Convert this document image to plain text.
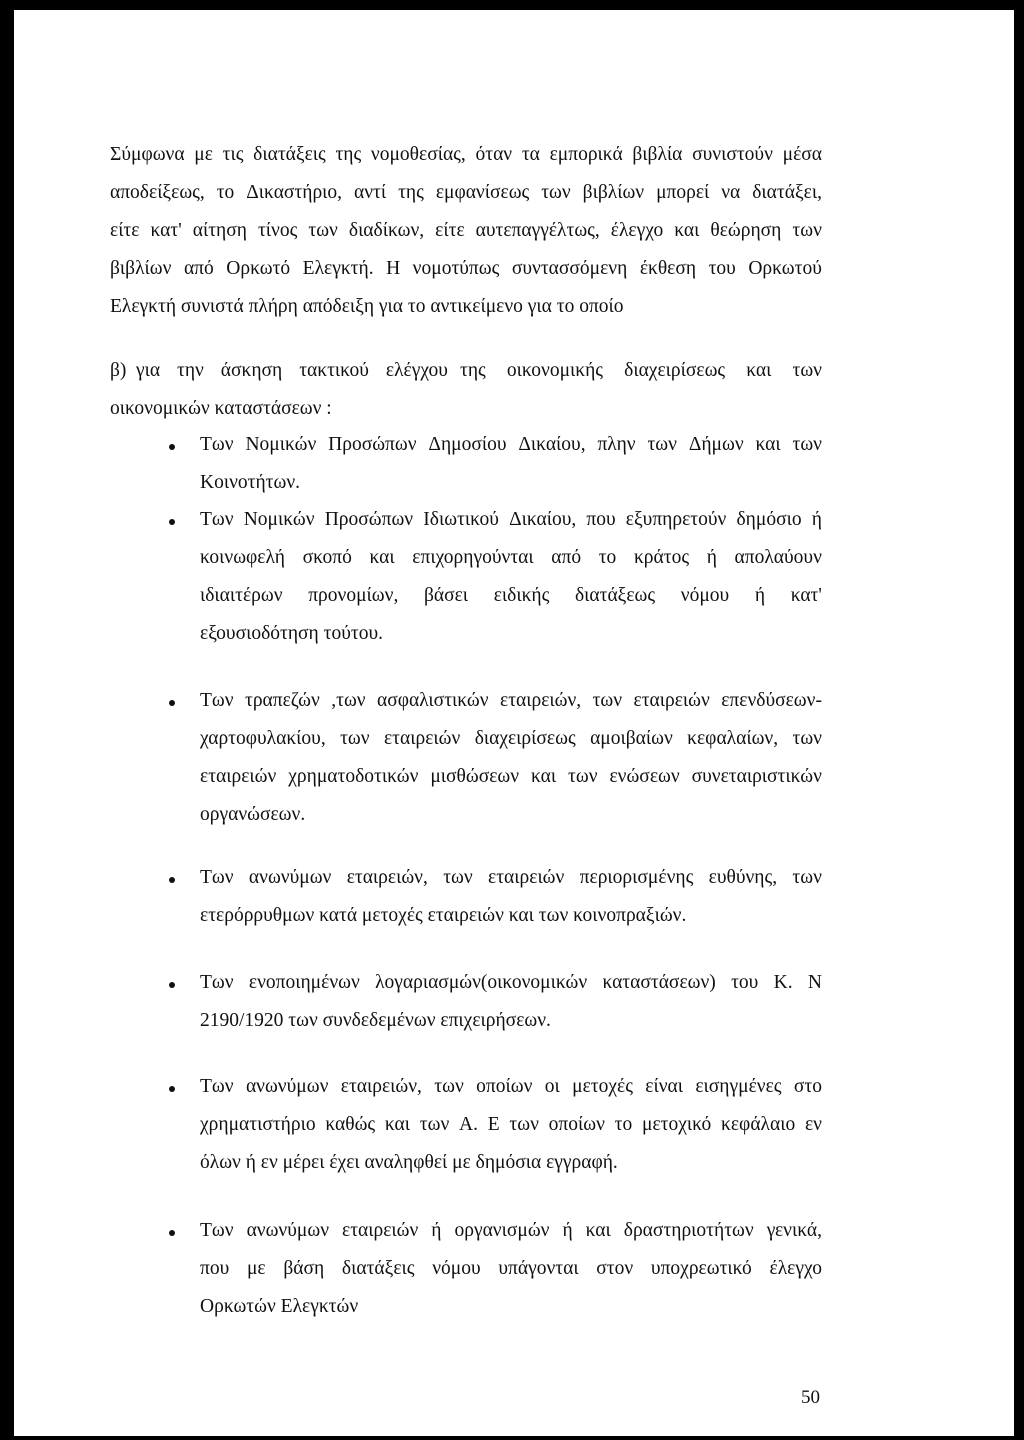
Σύμφωνα με τις διατάξεις της νομοθεσίας, όταν τα εμπορικά βιβλία συνιστούν μέσα
αποδείξεως, το Δικαστήριο, αντί της εμφανίσεως των βιβλίων μπορεί να διατάξει,
είτε κατ' αίτηση τίνος των διαδίκων, είτε αυτεπαγγέλτως, έλεγχο και θεώρηση των
βιβλίων από Ορκωτό Ελεγκτή. Η νομοτύπως συντασσόμενη έκθεση του Ορκωτού
Ελεγκτή συνιστά πλήρη απόδειξη για το αντικείμενο για το οποίο
β) για την άσκηση τακτικού ελέγχου της οικονομικής διαχειρίσεως και των
οικονομικών καταστάσεων :
Των Νομικών Προσώπων Δημοσίου Δικαίου, πλην των Δήμων και των
Κοινοτήτων.
Των Νομικών Προσώπων Ιδιωτικού Δικαίου, που εξυπηρετούν δημόσιο ή
κοινωφελή σκοπό και επιχορηγούνται από το κράτος ή απολαύουν
ιδιαιτέρων προνομίων, βάσει ειδικής διατάξεως νόμου ή κατ'
εξουσιοδότηση τούτου.
Των τραπεζών ,των ασφαλιστικών εταιρειών, των εταιρειών επενδύσεων-
χαρτοφυλακίου, των εταιρειών διαχειρίσεως αμοιβαίων κεφαλαίων, των
εταιρειών χρηματοδοτικών μισθώσεων και των ενώσεων συνεταιριστικών
οργανώσεων.
Των ανωνύμων εταιρειών, των εταιρειών περιορισμένης ευθύνης, των
ετερόρρυθμων κατά μετοχές εταιρειών και των κοινοπραξιών.
Των ενοποιημένων λογαριασμών(οικονομικών καταστάσεων) του Κ. Ν
2190/1920 των συνδεδεμένων επιχειρήσεων.
Των ανωνύμων εταιρειών, των οποίων οι μετοχές είναι εισηγμένες στο
χρηματιστήριο καθώς και των Α. Ε των οποίων το μετοχικό κεφάλαιο εν
όλων ή εν μέρει έχει αναληφθεί με δημόσια εγγραφή.
Των ανωνύμων εταιρειών ή οργανισμών ή και δραστηριοτήτων γενικά,
που με βάση διατάξεις νόμου υπάγονται στον υποχρεωτικό έλεγχο
Ορκωτών Ελεγκτών
50
